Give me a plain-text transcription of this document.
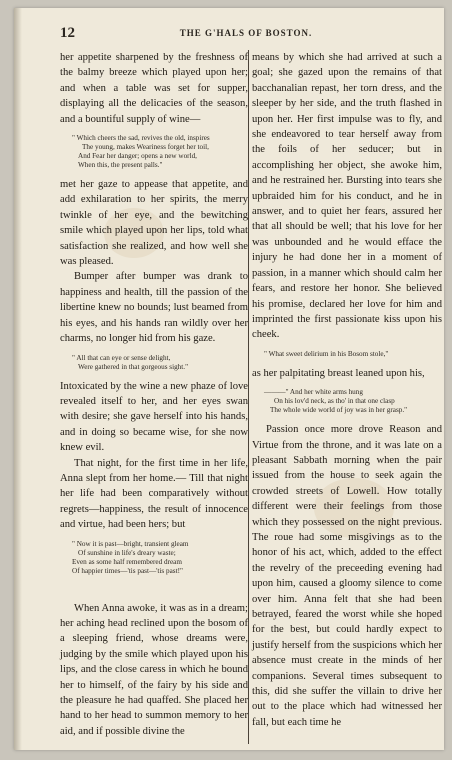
12	THE G'HALS OF BOSTON.

her appetite sharpened by the freshness of the balmy breeze which played upon her; and when a table was set for supper, displaying all the delicacies of the season, and a bountiful supply of wine—

" Which cheers the sad, revives the old, inspires
The young, makes Weariness forget her toil,
And Fear her danger; opens a new world,
When this, the present palls."

met her gaze to appease that appetite, and add exhilaration to her spirits, the merry twinkle of her eye, and the bewitching smile which played upon her lips, told what satisfaction she realized, and how well she was pleased.

Bumper after bumper was drank to happiness and health, till the passion of the libertine knew no bounds; lust beamed from his eyes, and his hands ran wildly over her charms, no longer hid from his gaze.

" All that can eye or sense delight,
Were gathered in that gorgeous sight."

Intoxicated by the wine a new phaze of love revealed itself to her, and her eyes swan with desire; she gave herself into his hands, and in doing so became wise, for she now knew evil.

That night, for the first time in her life, Anna slept from her home.— Till that night her life had been comparatively without regrets—happiness, the result of innocence and virtue, had been hers; but

" Now it is past—bright, transient gleam
Of sunshine in life's dreary waste;
Even as some half remembered dream
Of happier times—'tis past—'tis past!"

When Anna awoke, it was as in a dream; her aching head reclined upon the bosom of a sleeping friend, whose dreams were, judging by the smile which played upon his lips, and the close caress in which he bound her to himself, of the fairy by his side and the pleasure he had quaffed. She placed her hand to her head to summon memory to her aid, and if possible divine the

means by which she had arrived at such a goal; she gazed upon the remains of that bacchanalian repast, her torn dress, and the sleeper by her side, and the truth flashed in upon her. Her first impulse was to fly, and she endeavored to tear herself away from the foils of her seducer; but in accomplishing her object, she awoke him, and he restrained her. Bursting into tears she upbraided him for his conduct, and he in answer, and to quiet her fears, assured her that all should be well; that his love for her was unbounded and he would efface the injury he had done her in a moment of passion, in a manner which should calm her fears, and restore her honor. She believed his promise, declared her love for him and imprinted the first passionate kiss upon his cheek.

" What sweet delirium in his Bosom stole,"

as her palpitating breast leaned upon his,

———" And her white arms hung
On his lov'd neck, as tho' in that one clasp
The whole wide world of joy was in her grasp."

Passion once more drove Reason and Virtue from the throne, and it was late on a pleasant Sabbath morning when the pair issued from the house to seek again the crowded streets of Lowell. How totally different were their feelings from those which they possessed on the night previous. The roue had some misgivings as to the honor of his act, which, added to the effect the revelry of the preceeding evening had upon him, caused a gloomy silence to come over him. Anna felt that she had been betrayed, feared the worst while she hoped for the best, but could hardly expect to justify herself from the suspicions which her absence must create in the minds of her companions. Several times subsequent to this, did she suffer the villain to drive her out to the place which had witnessed her fall, but each time he
